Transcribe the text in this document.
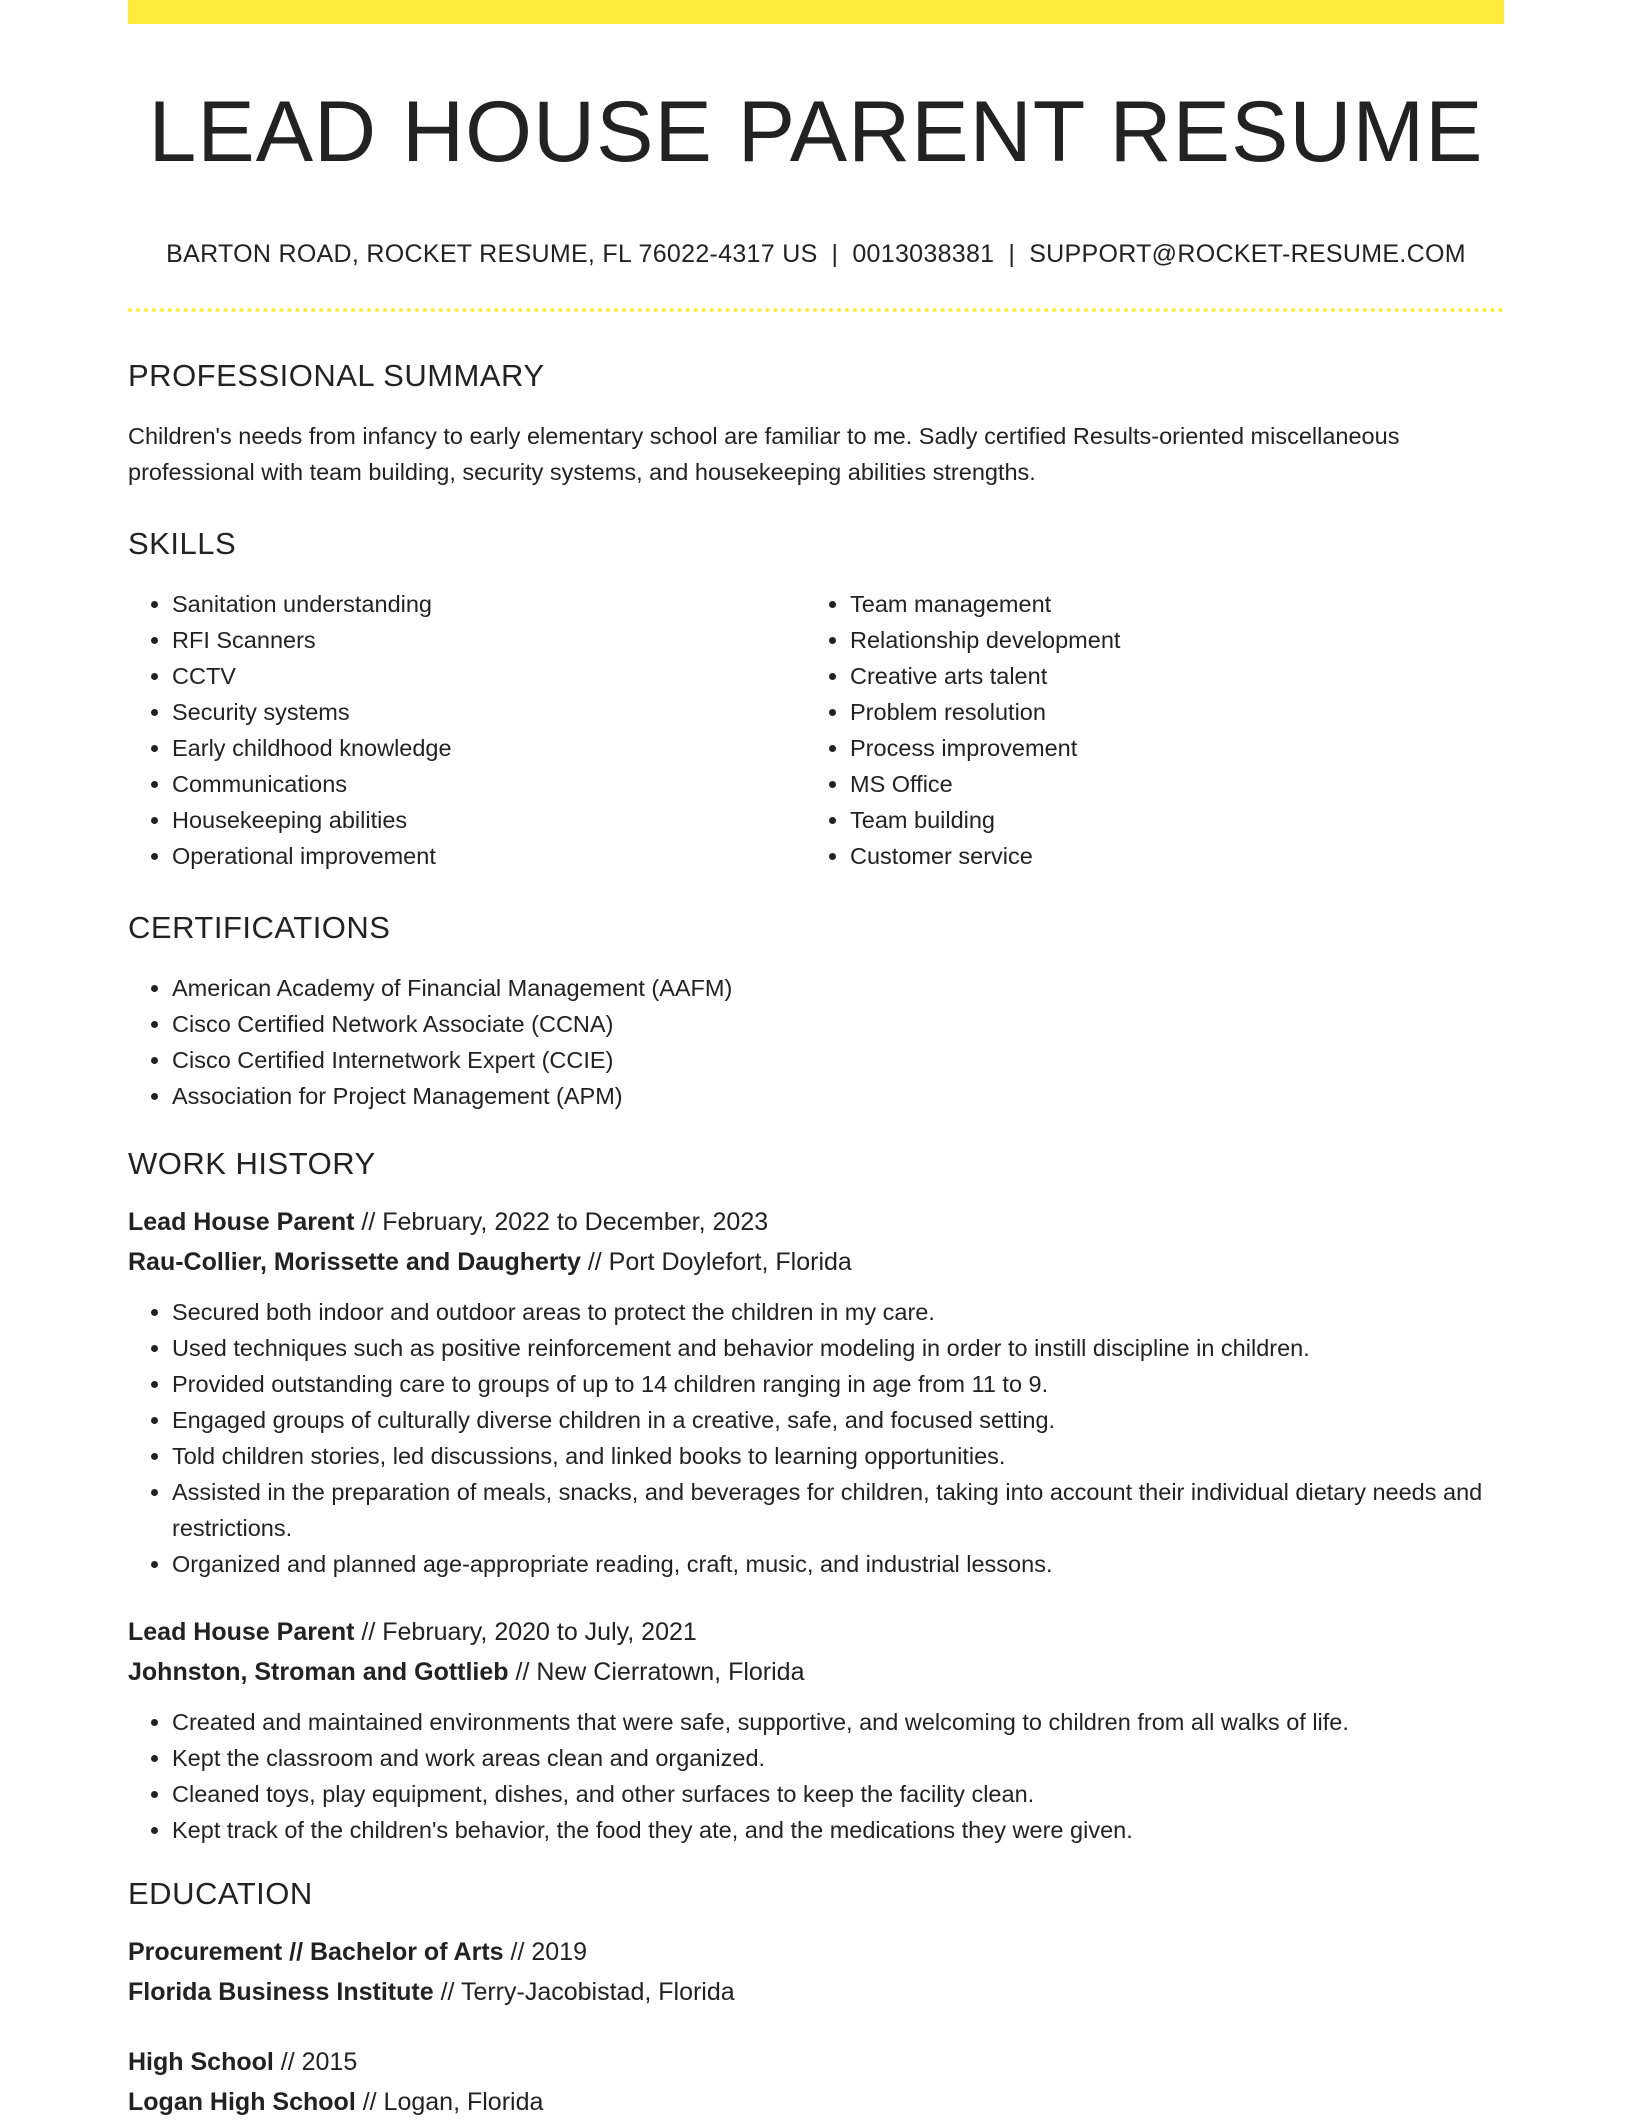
LEAD HOUSE PARENT RESUME
BARTON ROAD, ROCKET RESUME, FL 76022-4317 US | 0013038381 | SUPPORT@ROCKET-RESUME.COM
PROFESSIONAL SUMMARY

Children's needs from infancy to early elementary school are familiar to me. Sadly certified Results-oriented miscellaneous professional with team building, security systems, and housekeeping abilities strengths.

SKILLS
• Sanitation understanding
• RFI Scanners
• CCTV
• Security systems
• Early childhood knowledge
• Communications
• Housekeeping abilities
• Operational improvement
• Team management
• Relationship development
• Creative arts talent
• Problem resolution
• Process improvement
• MS Office
• Team building
• Customer service
CERTIFICATIONS
• American Academy of Financial Management (AAFM)
• Cisco Certified Network Associate (CCNA)
• Cisco Certified Internetwork Expert (CCIE)
• Association for Project Management (APM)
WORK HISTORY

Lead House Parent // February, 2022 to December, 2023

Rau-Collier, Morissette and Daugherty // Port Doylefort, Florida

• Secured both indoor and outdoor areas to protect the children in my care.
• Used techniques such as positive reinforcement and behavior modeling in order to instill discipline in children.
• Provided outstanding care to groups of up to 14 children ranging in age from 11 to 9.
• Engaged groups of culturally diverse children in a creative, safe, and focused setting.
• Told children stories, led discussions, and linked books to learning opportunities.
• Assisted in the preparation of meals, snacks, and beverages for children, taking into account their individual dietary needs and restrictions.
• Organized and planned age-appropriate reading, craft, music, and industrial lessons.

Lead House Parent // February, 2020 to July, 2021

Johnston, Stroman and Gottlieb // New Cierratown, Florida

• Created and maintained environments that were safe, supportive, and welcoming to children from all walks of life.
• Kept the classroom and work areas clean and organized.
• Cleaned toys, play equipment, dishes, and other surfaces to keep the facility clean.
• Kept track of the children's behavior, the food they ate, and the medications they were given.
EDUCATION

Procurement // Bachelor of Arts // 2019

Florida Business Institute // Terry-Jacobistad, Florida

High School // 2015

Logan High School // Logan, Florida
